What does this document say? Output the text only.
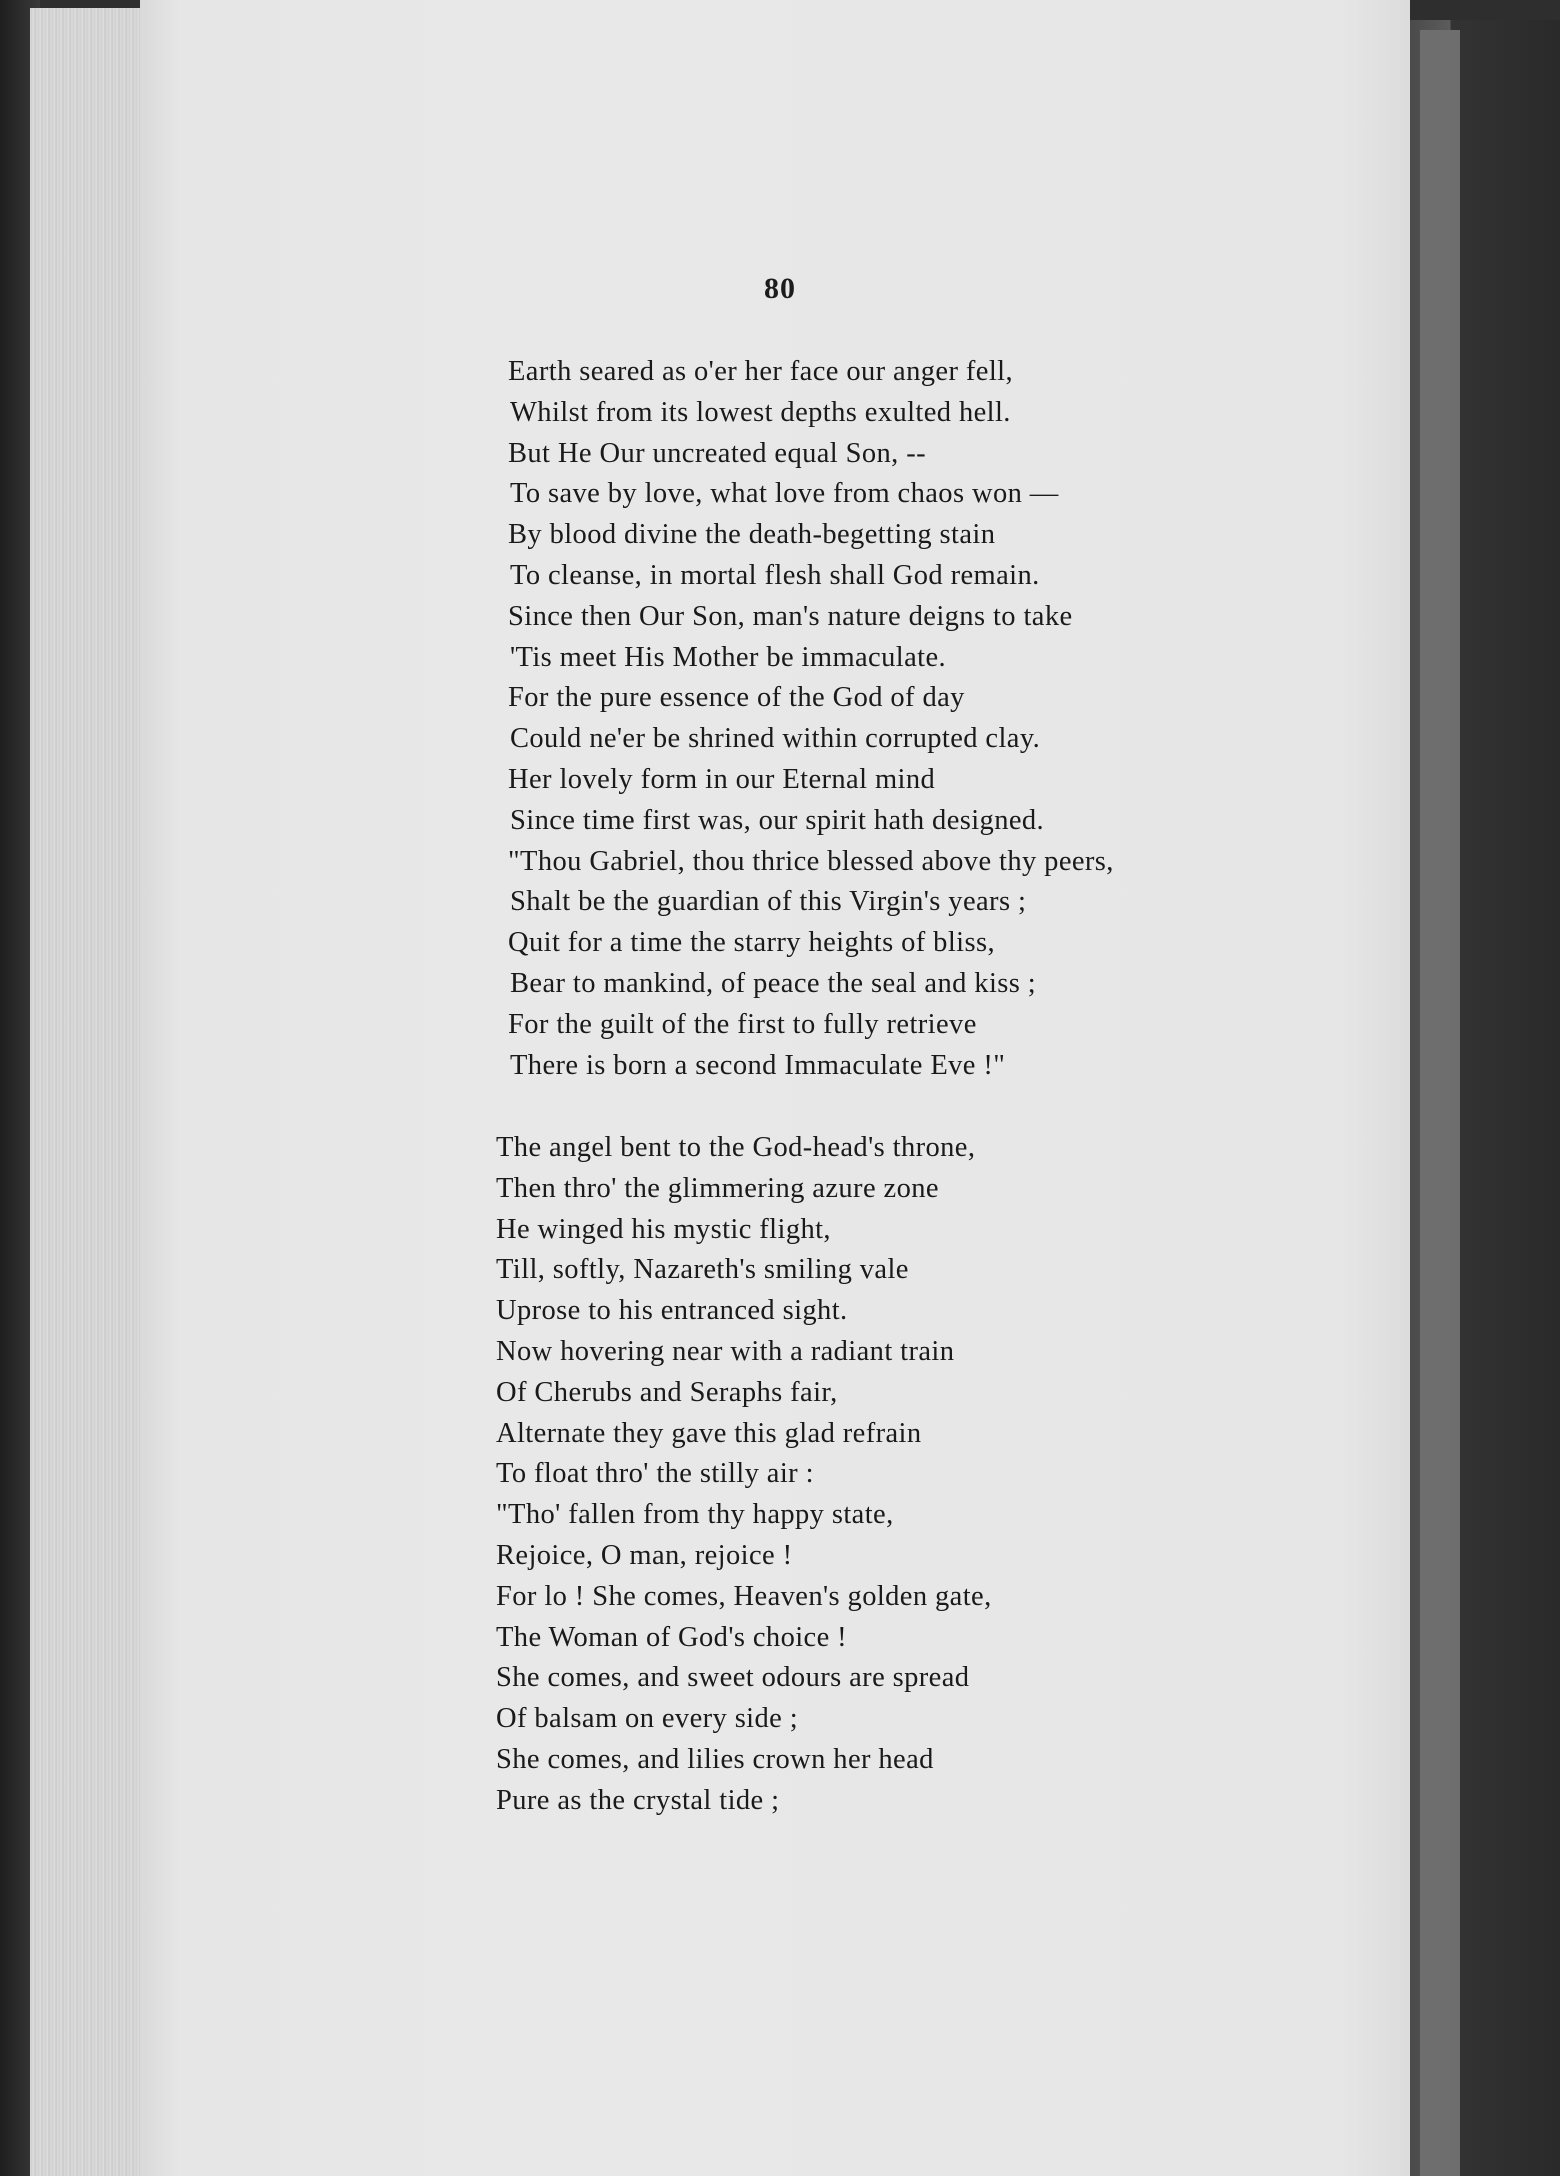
80
Earth seared as o'er her face our anger fell,
Whilst from its lowest depths exulted hell.
But He Our uncreated equal Son, --
To save by love, what love from chaos won —
By blood divine the death-begetting stain
To cleanse, in mortal flesh shall God remain.
Since then Our Son, man's nature deigns to take
'Tis meet His Mother be immaculate.
For the pure essence of the God of day
Could ne'er be shrined within corrupted clay.
Her lovely form in our Eternal mind
Since time first was, our spirit hath designed.
"Thou Gabriel, thou thrice blessed above thy peers,
Shalt be the guardian of this Virgin's years ;
Quit for a time the starry heights of bliss,
Bear to mankind, of peace the seal and kiss ;
For the guilt of the first to fully retrieve
There is born a second Immaculate Eve !"
The angel bent to the God-head's throne,
Then thro' the glimmering azure zone
He winged his mystic flight,
Till, softly, Nazareth's smiling vale
Uprose to his entranced sight.
Now hovering near with a radiant train
Of Cherubs and Seraphs fair,
Alternate they gave this glad refrain
To float thro' the stilly air :
"Tho' fallen from thy happy state,
Rejoice, O man, rejoice !
For lo ! She comes, Heaven's golden gate,
The Woman of God's choice !
She comes, and sweet odours are spread
Of balsam on every side ;
She comes, and lilies crown her head
Pure as the crystal tide ;
